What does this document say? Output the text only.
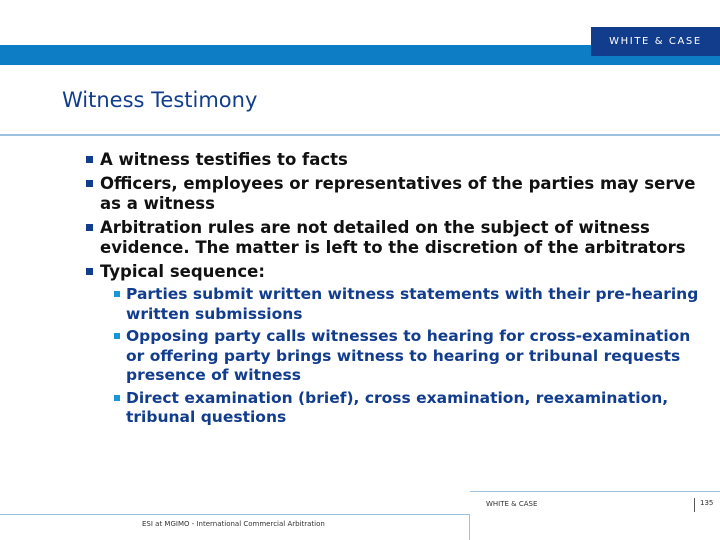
WHITE & CASE
Witness Testimony
A witness testifies to facts
Officers, employees or representatives of the parties may serve as a witness
Arbitration rules are not detailed on the subject of witness evidence. The matter is left to the discretion of the arbitrators
Typical sequence:
Parties submit written witness statements with their pre-hearing written submissions
Opposing party calls witnesses to hearing for cross-examination or offering party brings witness to hearing or tribunal requests presence of witness
Direct examination (brief), cross examination, reexamination, tribunal questions
ESI at MGIMO - International Commercial Arbitration
WHITE & CASE	135
